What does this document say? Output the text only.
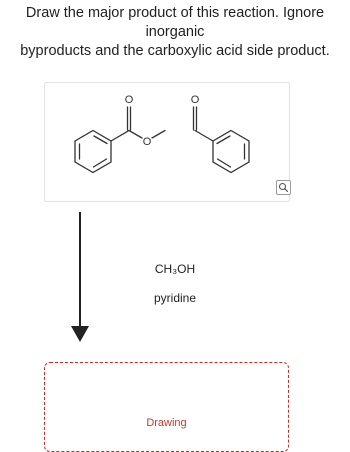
Draw the major product of this reaction. Ignore inorganic
byproducts and the carboxylic acid side product.
O	O
O
CH₃OH
pyridine
Drawing
